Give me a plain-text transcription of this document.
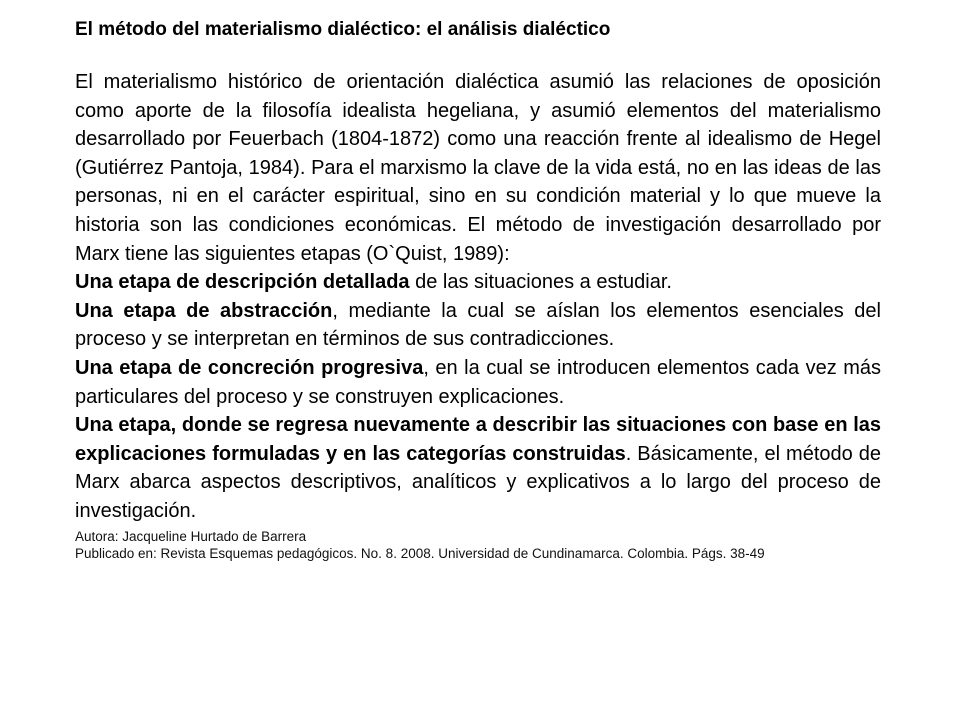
El método del materialismo dialéctico: el análisis dialéctico

El materialismo histórico de orientación dialéctica asumió las relaciones de oposición como aporte de la filosofía idealista hegeliana, y asumió elementos del materialismo desarrollado por Feuerbach (1804-1872) como una reacción frente al idealismo de Hegel (Gutiérrez Pantoja, 1984). Para el marxismo la clave de la vida está, no en las ideas de las personas, ni en el carácter espiritual, sino en su condición material y lo que mueve la historia son las condiciones económicas. El método de investigación desarrollado por Marx tiene las siguientes etapas (O`Quist, 1989):

Una etapa de descripción detallada de las situaciones a estudiar.

Una etapa de abstracción, mediante la cual se aíslan los elementos esenciales del proceso y se interpretan en términos de sus contradicciones.

Una etapa de concreción progresiva, en la cual se introducen elementos cada vez más particulares del proceso y se construyen explicaciones.

Una etapa, donde se regresa nuevamente a describir las situaciones con base en las explicaciones formuladas y en las categorías construidas. Básicamente, el método de Marx abarca aspectos descriptivos, analíticos y explicativos a lo largo del proceso de investigación.

Autora: Jacqueline Hurtado de Barrera

Publicado en: Revista Esquemas pedagógicos. No. 8. 2008. Universidad de Cundinamarca. Colombia. Págs. 38-49
